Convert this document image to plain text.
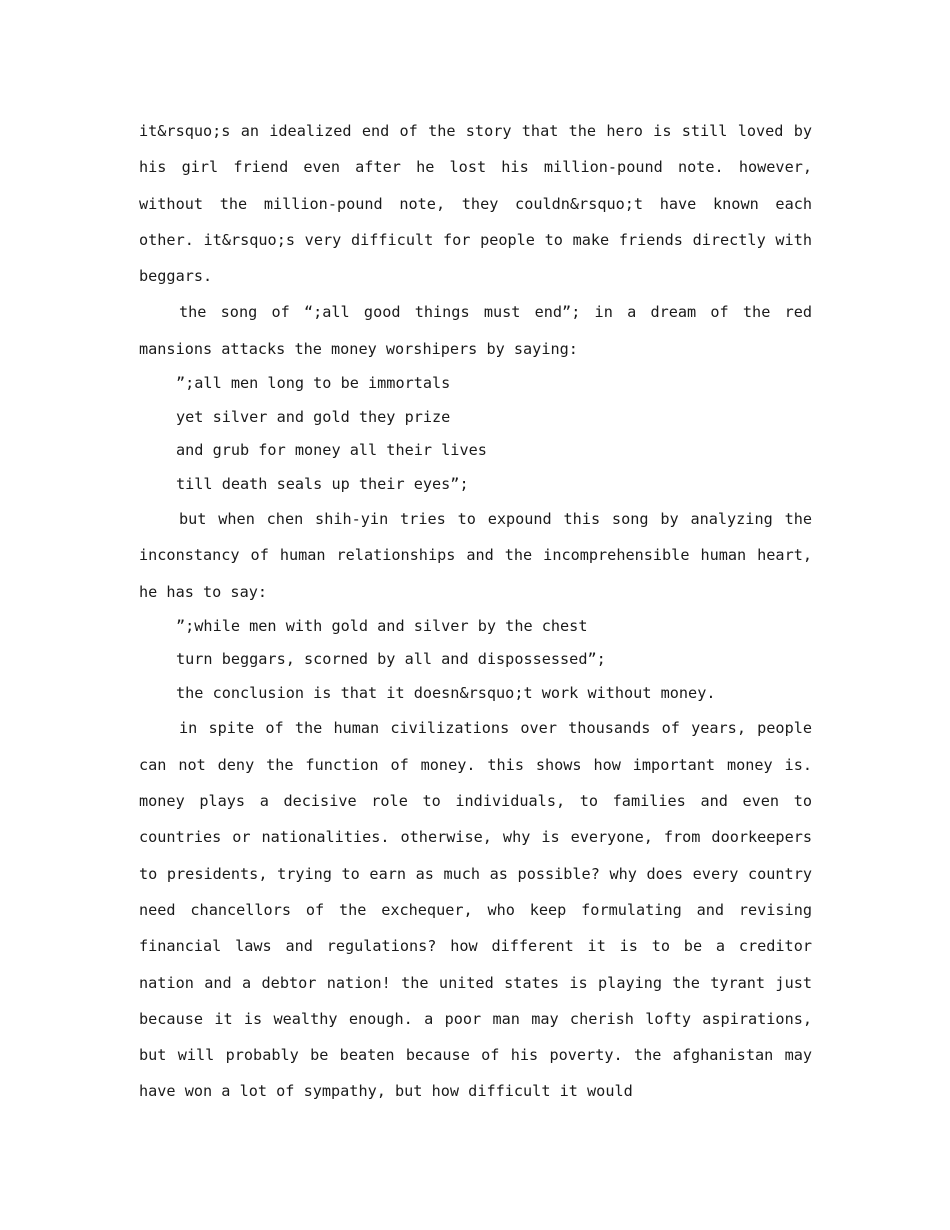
it&rsquo;s an idealized end of the story that the hero is still loved by his girl friend even after he lost his million-pound note. however, without the million-pound note, they couldn&rsquo;t have known each other. it&rsquo;s very difficult for people to make friends directly with beggars.

the song of “;all good things must end”; in a dream of the red mansions attacks the money worshipers by saying:

”;all men long to be immortals

yet silver and gold they prize

and grub for money all their lives

till death seals up their eyes”;

but when chen shih-yin tries to expound this song by analyzing the inconstancy of human relationships and the incomprehensible human heart, he has to say:

”;while men with gold and silver by the chest

turn beggars, scorned by all and dispossessed”;

the conclusion is that it doesn&rsquo;t work without money.

in spite of the human civilizations over thousands of years, people can not deny the function of money. this shows how important money is. money plays a decisive role to individuals, to families and even to countries or nationalities. otherwise, why is everyone, from doorkeepers to presidents, trying to earn as much as possible? why does every country need chancellors of the exchequer, who keep formulating and revising financial laws and regulations? how different it is to be a creditor nation and a debtor nation! the united states is playing the tyrant just because it is wealthy enough. a poor man may cherish lofty aspirations, but will probably be beaten because of his poverty. the afghanistan may have won a lot of sympathy, but how difficult it would
